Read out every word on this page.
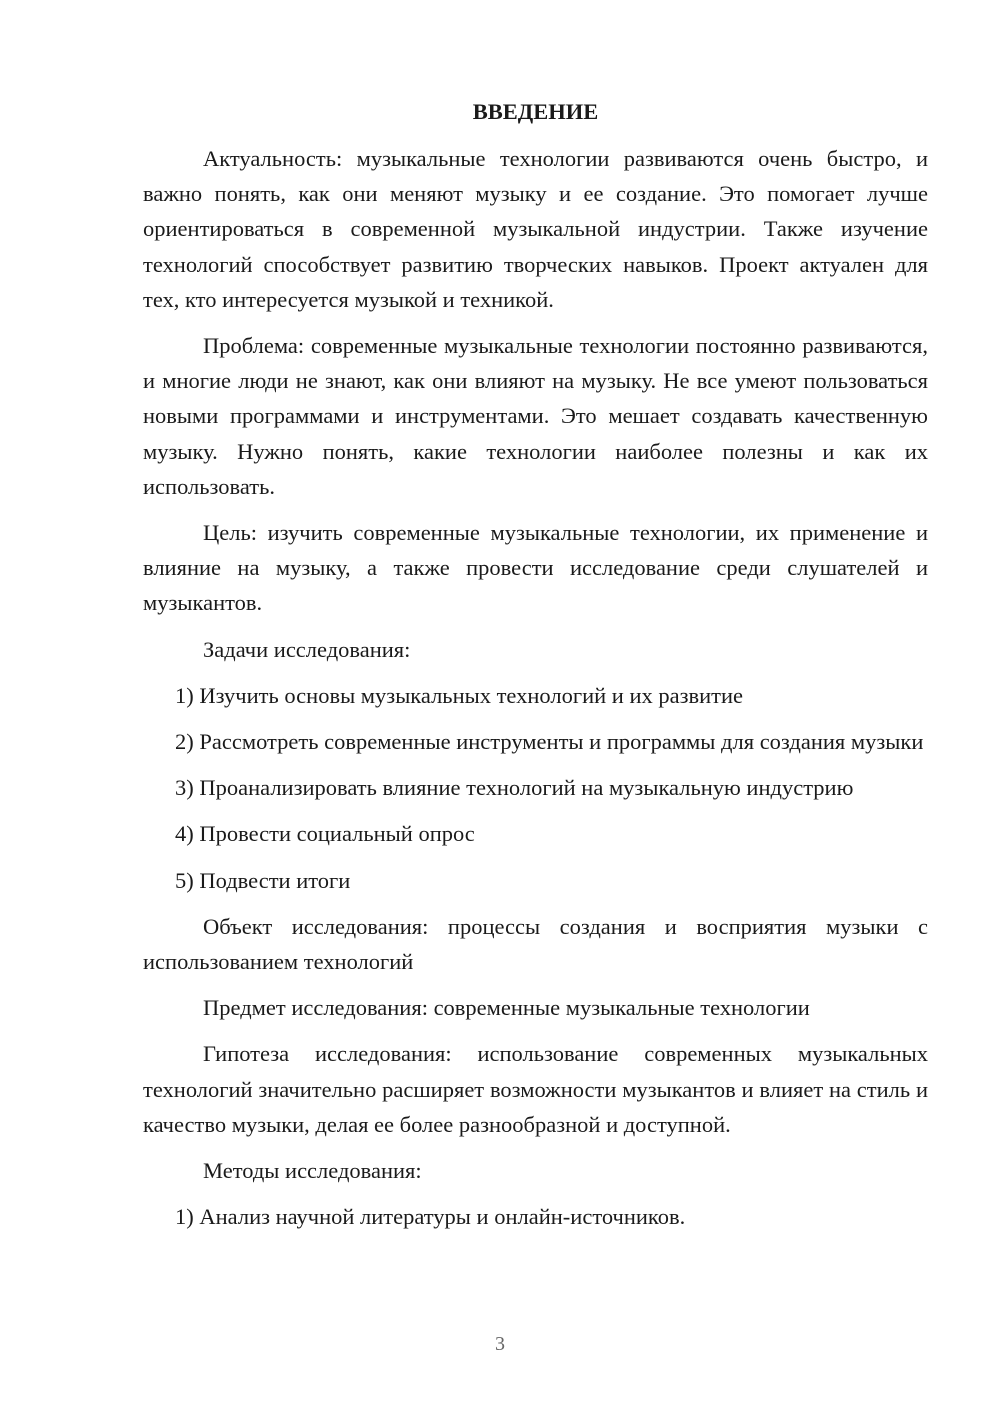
ВВЕДЕНИЕ

Актуальность: музыкальные технологии развиваются очень быстро, и важно понять, как они меняют музыку и ее создание. Это помогает лучше ориентироваться в современной музыкальной индустрии. Также изучение технологий способствует развитию творческих навыков. Проект актуален для тех, кто интересуется музыкой и техникой.

Проблема: современные музыкальные технологии постоянно развиваются, и многие люди не знают, как они влияют на музыку. Не все умеют пользоваться новыми программами и инструментами. Это мешает создавать качественную музыку. Нужно понять, какие технологии наиболее полезны и как их использовать.

Цель: изучить современные музыкальные технологии, их применение и влияние на музыку, а также провести исследование среди слушателей и музыкантов.

Задачи исследования:

1) Изучить основы музыкальных технологий и их развитие

2) Рассмотреть современные инструменты и программы для создания музыки

3) Проанализировать влияние технологий на музыкальную индустрию

4) Провести социальный опрос

5) Подвести итоги

Объект исследования: процессы создания и восприятия музыки с использованием технологий

Предмет исследования: современные музыкальные технологии

Гипотеза исследования: использование современных музыкальных технологий значительно расширяет возможности музыкантов и влияет на стиль и качество музыки, делая ее более разнообразной и доступной.

Методы исследования:

1) Анализ научной литературы и онлайн-источников.

3
